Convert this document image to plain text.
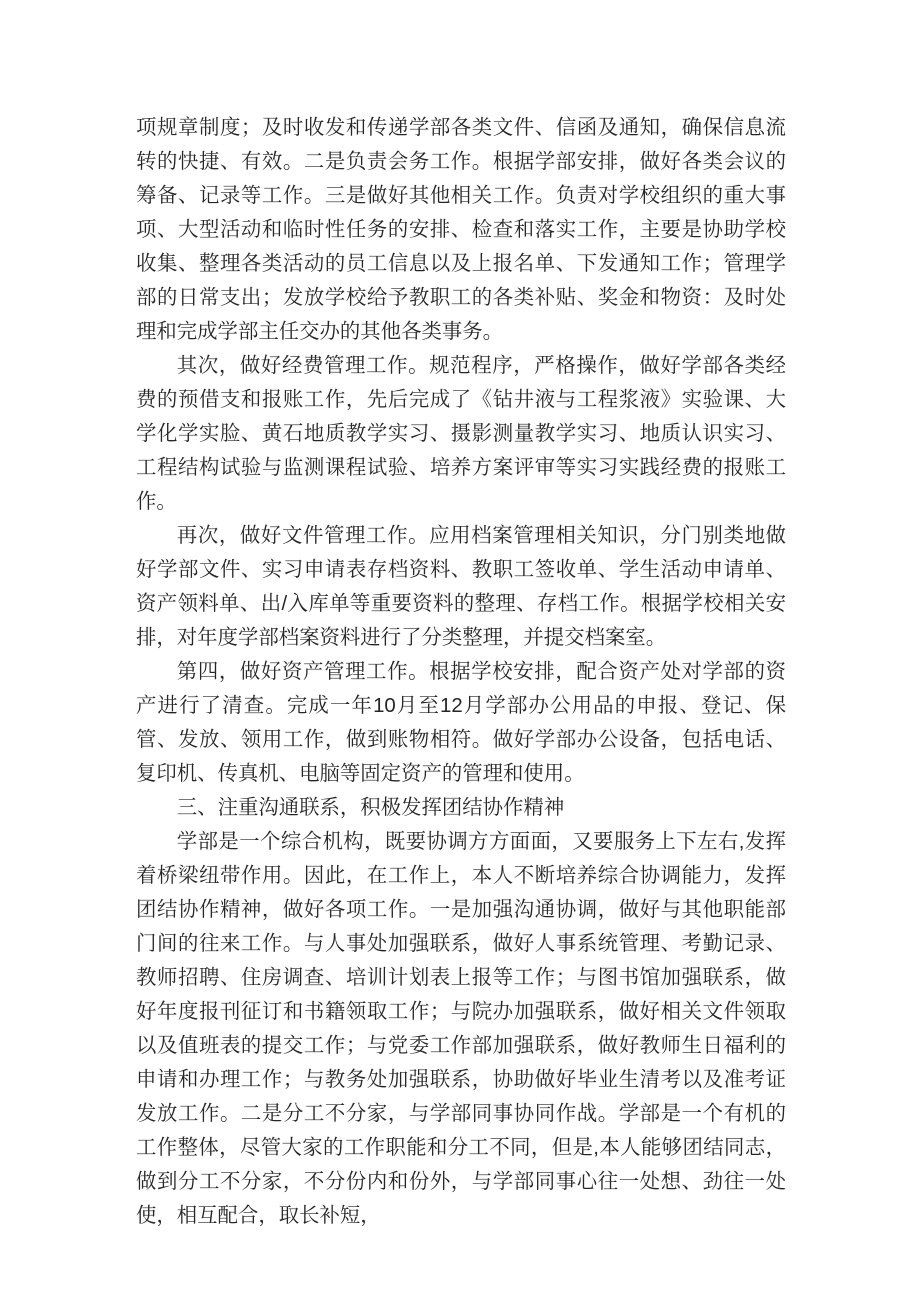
项规章制度；及时收发和传递学部各类文件、信函及通知，确保信息流转的快捷、有效。二是负责会务工作。根据学部安排，做好各类会议的筹备、记录等工作。三是做好其他相关工作。负责对学校组织的重大事项、大型活动和临时性任务的安排、检查和落实工作，主要是协助学校收集、整理各类活动的员工信息以及上报名单、下发通知工作；管理学部的日常支出；发放学校给予教职工的各类补贴、奖金和物资：及时处理和完成学部主任交办的其他各类事务。

其次，做好经费管理工作。规范程序，严格操作，做好学部各类经费的预借支和报账工作，先后完成了《钻井液与工程浆液》实验课、大学化学实脸、黄石地质教学实习、摄影测量教学实习、地质认识实习、工程结构试验与监测课程试验、培养方案评审等实习实践经费的报账工作。

再次，做好文件管理工作。应用档案管理相关知识，分门别类地做好学部文件、实习申请表存档资料、教职工签收单、学生活动申请单、资产领料单、出/入库单等重要资料的整理、存档工作。根据学校相关安排，对年度学部档案资料进行了分类整理，并提交档案室。

第四，做好资产管理工作。根据学校安排，配合资产处对学部的资产进行了清查。完成一年10月至12月学部办公用品的申报、登记、保管、发放、领用工作，做到账物相符。做好学部办公设备，包括电话、复印机、传真机、电脑等固定资产的管理和使用。

三、注重沟通联系，积极发挥团结协作精神

学部是一个综合机构，既要协调方方面面，又要服务上下左右,发挥着桥梁纽带作用。因此，在工作上，本人不断培养综合协调能力，发挥团结协作精神，做好各项工作。一是加强沟通协调，做好与其他职能部门间的往来工作。与人事处加强联系，做好人事系统管理、考勤记录、教师招聘、住房调查、培训计划表上报等工作；与图书馆加强联系，做好年度报刊征订和书籍领取工作；与院办加强联系，做好相关文件领取以及值班表的提交工作；与党委工作部加强联系，做好教师生日福利的申请和办理工作；与教务处加强联系，协助做好毕业生清考以及准考证发放工作。二是分工不分家，与学部同事协同作战。学部是一个有机的工作整体，尽管大家的工作职能和分工不同，但是,本人能够团结同志，做到分工不分家，不分份内和份外，与学部同事心往一处想、劲往一处使，相互配合，取长补短，
